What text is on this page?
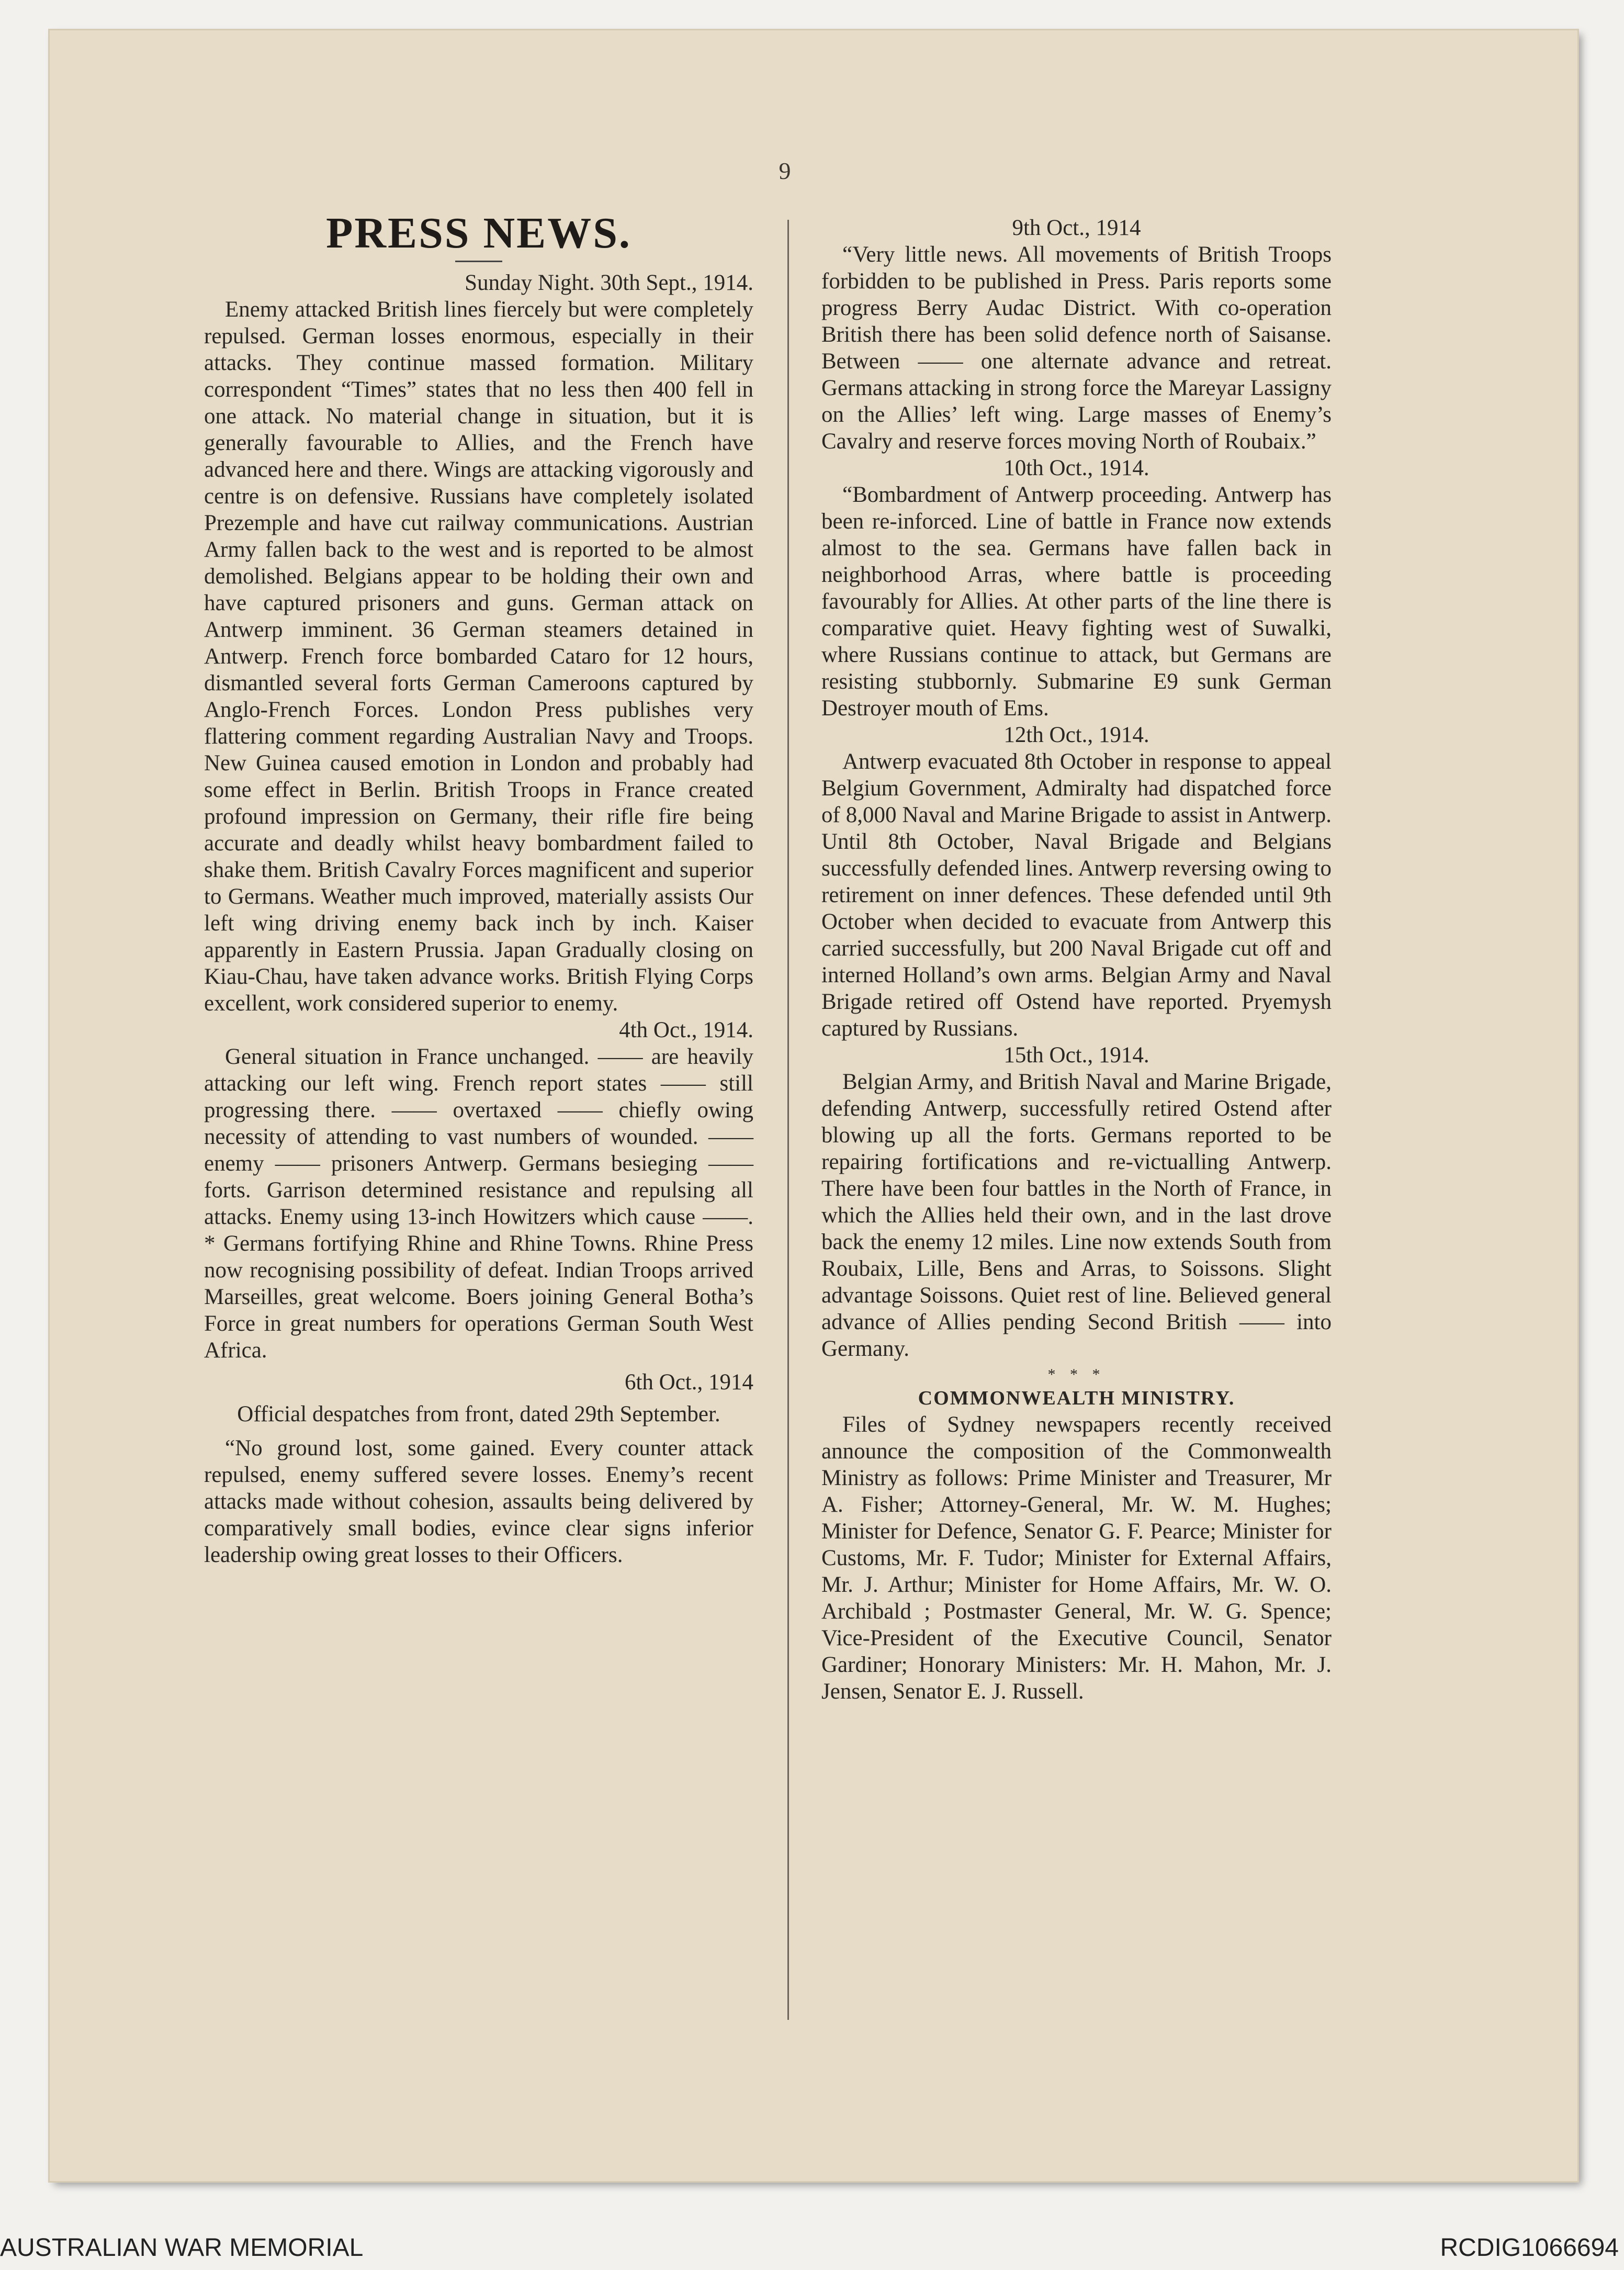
9
PRESS NEWS.

Sunday Night. 30th Sept., 1914.

Enemy attacked British lines fiercely but were completely repulsed. German losses enormous, especially in their attacks. They continue massed formation. Military correspondent “Times” states that no less then 400 fell in one attack. No material change in situation, but it is generally favourable to Allies, and the French have advanced here and there. Wings are attacking vigorously and centre is on defensive. Russians have completely isolated Prezemple and have cut railway communications. Austrian Army fallen back to the west and is reported to be almost demolished. Belgians appear to be holding their own and have captured prisoners and guns. German attack on Antwerp imminent. 36 German steamers detained in Antwerp. French force bombarded Cataro for 12 hours, dismantled several forts German Cameroons captured by Anglo-French Forces. London Press publishes very flattering comment regarding Australian Navy and Troops. New Guinea caused emotion in London and probably had some effect in Berlin. British Troops in France created profound impression on Germany, their rifle fire being accurate and deadly whilst heavy bombardment failed to shake them. British Cavalry Forces magnificent and superior to Germans. Weather much improved, materially assists Our left wing driving enemy back inch by inch. Kaiser apparently in Eastern Prussia. Japan Gradually closing on Kiau-Chau, have taken advance works. British Flying Corps excellent, work considered superior to enemy.

4th Oct., 1914.

General situation in France unchanged. —— are heavily attacking our left wing. French report states —— still progressing there. —— overtaxed —— chiefly owing necessity of attending to vast numbers of wounded. —— enemy —— prisoners Antwerp. Germans besieging —— forts. Garrison determined resistance and repulsing all attacks. Enemy using 13-inch Howitzers which cause ——. * Germans fortifying Rhine and Rhine Towns. Rhine Press now recognising possibility of defeat. Indian Troops arrived Marseilles, great welcome. Boers joining General Botha’s Force in great numbers for operations German South West Africa.

6th Oct., 1914

Official despatches from front, dated 29th September.

“No ground lost, some gained. Every counter attack repulsed, enemy suffered severe losses. Enemy’s recent attacks made without cohesion, assaults being delivered by comparatively small bodies, evince clear signs inferior leadership owing great losses to their Officers.

9th Oct., 1914

“Very little news. All movements of British Troops forbidden to be published in Press. Paris reports some progress Berry Audac District. With co-operation British there has been solid defence north of Saisanse. Between —— one alternate advance and retreat. Germans attacking in strong force the Mareyar Lassigny on the Allies’ left wing. Large masses of Enemy’s Cavalry and reserve forces moving North of Roubaix.”

10th Oct., 1914.

“Bombardment of Antwerp proceeding. Antwerp has been re-inforced. Line of battle in France now extends almost to the sea. Germans have fallen back in neighborhood Arras, where battle is proceeding favourably for Allies. At other parts of the line there is comparative quiet. Heavy fighting west of Suwalki, where Russians continue to attack, but Germans are resisting stubbornly. Submarine E9 sunk German Destroyer mouth of Ems.

12th Oct., 1914.

Antwerp evacuated 8th October in response to appeal Belgium Government, Admiralty had dispatched force of 8,000 Naval and Marine Brigade to assist in Antwerp. Until 8th October, Naval Brigade and Belgians successfully defended lines. Antwerp reversing owing to retirement on inner defences. These defended until 9th October when decided to evacuate from Antwerp this carried successfully, but 200 Naval Brigade cut off and interned Holland’s own arms. Belgian Army and Naval Brigade retired off Ostend have reported. Pryemysh captured by Russians.

15th Oct., 1914.

Belgian Army, and British Naval and Marine Brigade, defending Antwerp, successfully retired Ostend after blowing up all the forts. Germans reported to be repairing fortifications and re-victualling Antwerp. There have been four battles in the North of France, in which the Allies held their own, and in the last drove back the enemy 12 miles. Line now extends South from Roubaix, Lille, Bens and Arras, to Soissons. Slight advantage Soissons. Quiet rest of line. Believed general advance of Allies pending Second British —— into Germany.

* * *

COMMONWEALTH MINISTRY.

Files of Sydney newspapers recently received announce the composition of the Commonwealth Ministry as follows: Prime Minister and Treasurer, Mr A. Fisher; Attorney-General, Mr. W. M. Hughes; Minister for Defence, Senator G. F. Pearce; Minister for Customs, Mr. F. Tudor; Minister for External Affairs, Mr. J. Arthur; Minister for Home Affairs, Mr. W. O. Archibald ; Postmaster General, Mr. W. G. Spence; Vice-President of the Executive Council, Senator Gardiner; Honorary Ministers: Mr. H. Mahon, Mr. J. Jensen, Senator E. J. Russell.

AUSTRALIAN WAR MEMORIAL	RCDIG1066694
